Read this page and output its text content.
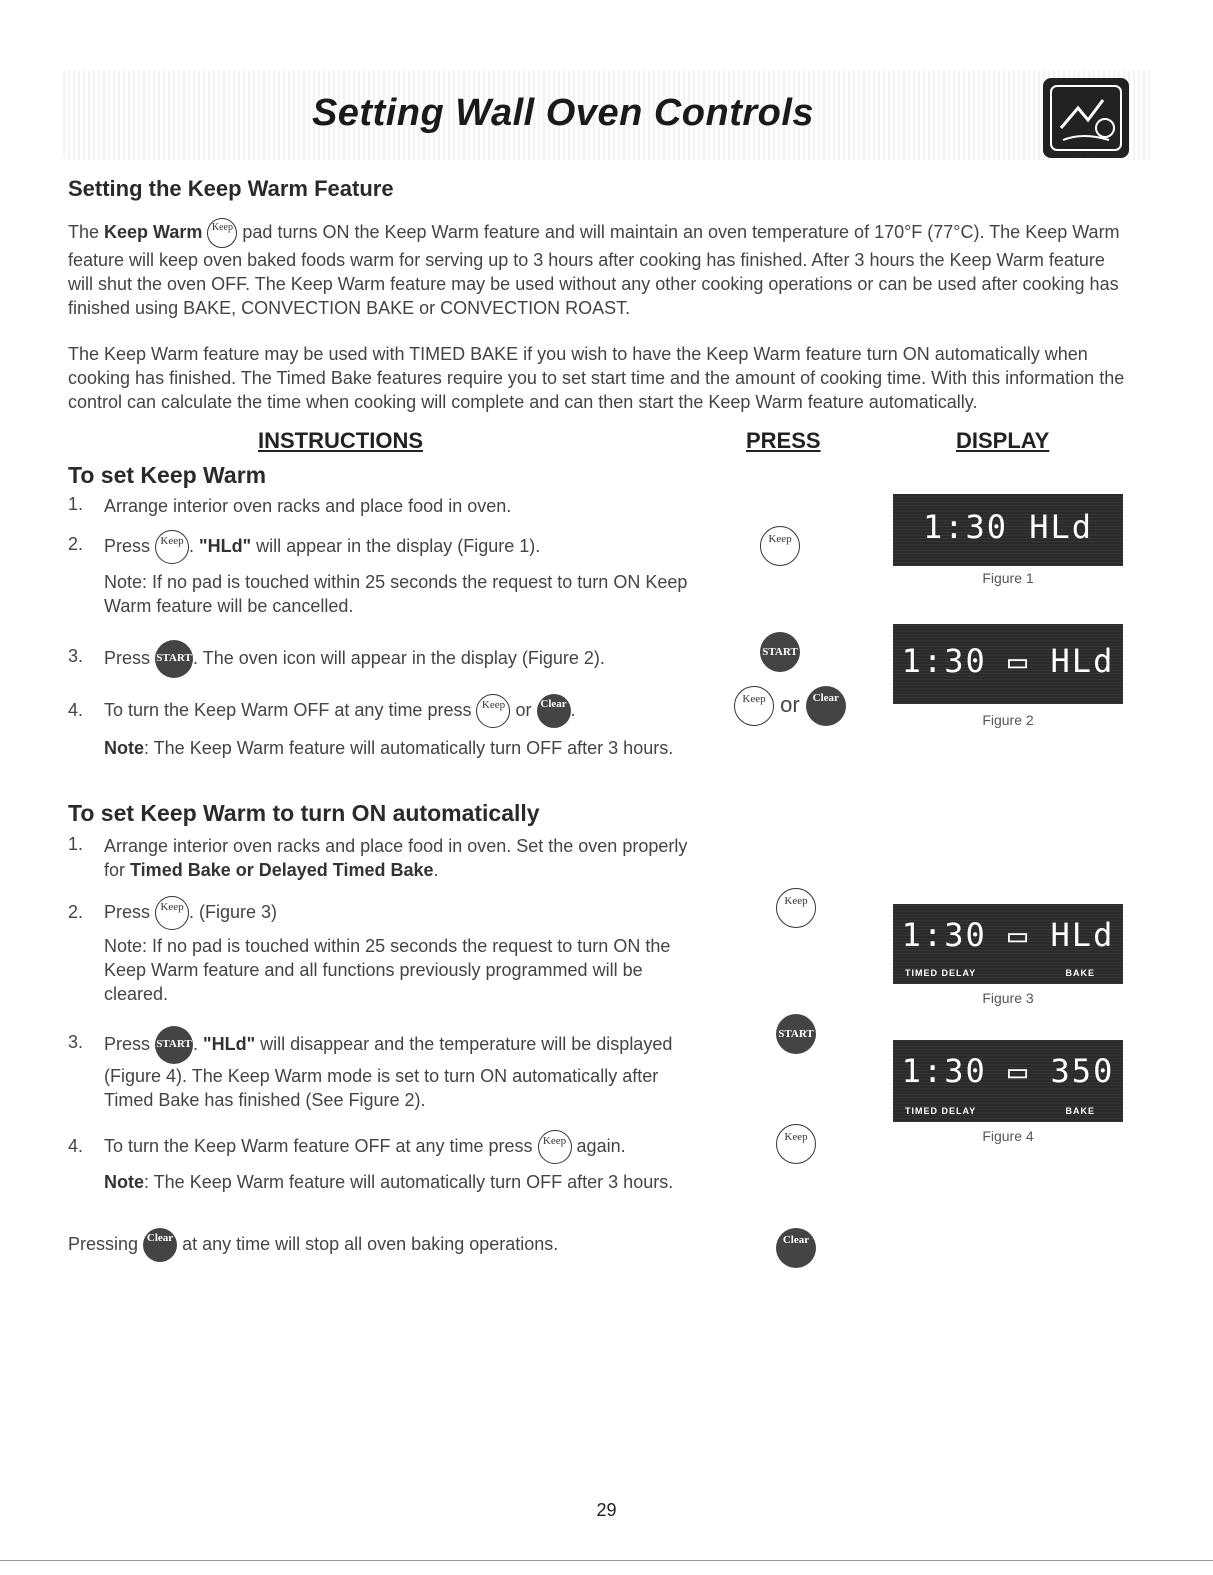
Setting Wall Oven Controls
Setting the Keep Warm Feature
The Keep Warm Keep pad turns ON the Keep Warm feature and will maintain an oven temperature of 170°F (77°C). The Keep Warm feature will keep oven baked foods warm for serving up to 3 hours after cooking has finished. After 3 hours the Keep Warm feature will shut the oven OFF. The Keep Warm feature may be used without any other cooking operations or can be used after cooking has finished using BAKE, CONVECTION BAKE or CONVECTION ROAST.
The Keep Warm feature may be used with TIMED BAKE if you wish to have the Keep Warm feature turn ON automatically when cooking has finished. The Timed Bake features require you to set start time and the amount of cooking time. With this information the control can calculate the time when cooking will complete and can then start the Keep Warm feature automatically.
INSTRUCTIONS	PRESS	DISPLAY
To set Keep Warm
1.	Arrange interior oven racks and place food in oven.
2.	Press Keep . "HLd" will appear in the display (Figure 1).
Note: If no pad is touched within 25 seconds the request to turn ON Keep Warm feature will be cancelled.
3.	Press START . The oven icon will appear in the display (Figure 2).
4.	To turn the Keep Warm OFF at any time press Keep or Clear .
Note: The Keep Warm feature will automatically turn OFF after 3 hours.
Keep
START
Keep or	Clear
1:30 HLd
Figure 1
1:30 ▭ HLd
Figure 2
To set Keep Warm to turn ON automatically
1.	Arrange interior oven racks and place food in oven. Set the oven properly for Timed Bake or Delayed Timed Bake.
2.	Press Keep . (Figure 3)
Note: If no pad is touched within 25 seconds the request to turn ON the Keep Warm feature and all functions previously programmed will be cleared.
3.	Press START . "HLd" will disappear and the temperature will be displayed (Figure 4). The Keep Warm mode is set to turn ON automatically after Timed Bake has finished (See Figure 2).
4.	To turn the Keep Warm feature OFF at any time press Keep again.
Note: The Keep Warm feature will automatically turn OFF after 3 hours.
Pressing Clear at any time will stop all oven baking operations.
Keep
START
Keep
Clear
1:30 ▭ HLd
TIMED DELAY	BAKE
Figure 3
1:30 ▭ 350
TIMED DELAY	BAKE
Figure 4
29
